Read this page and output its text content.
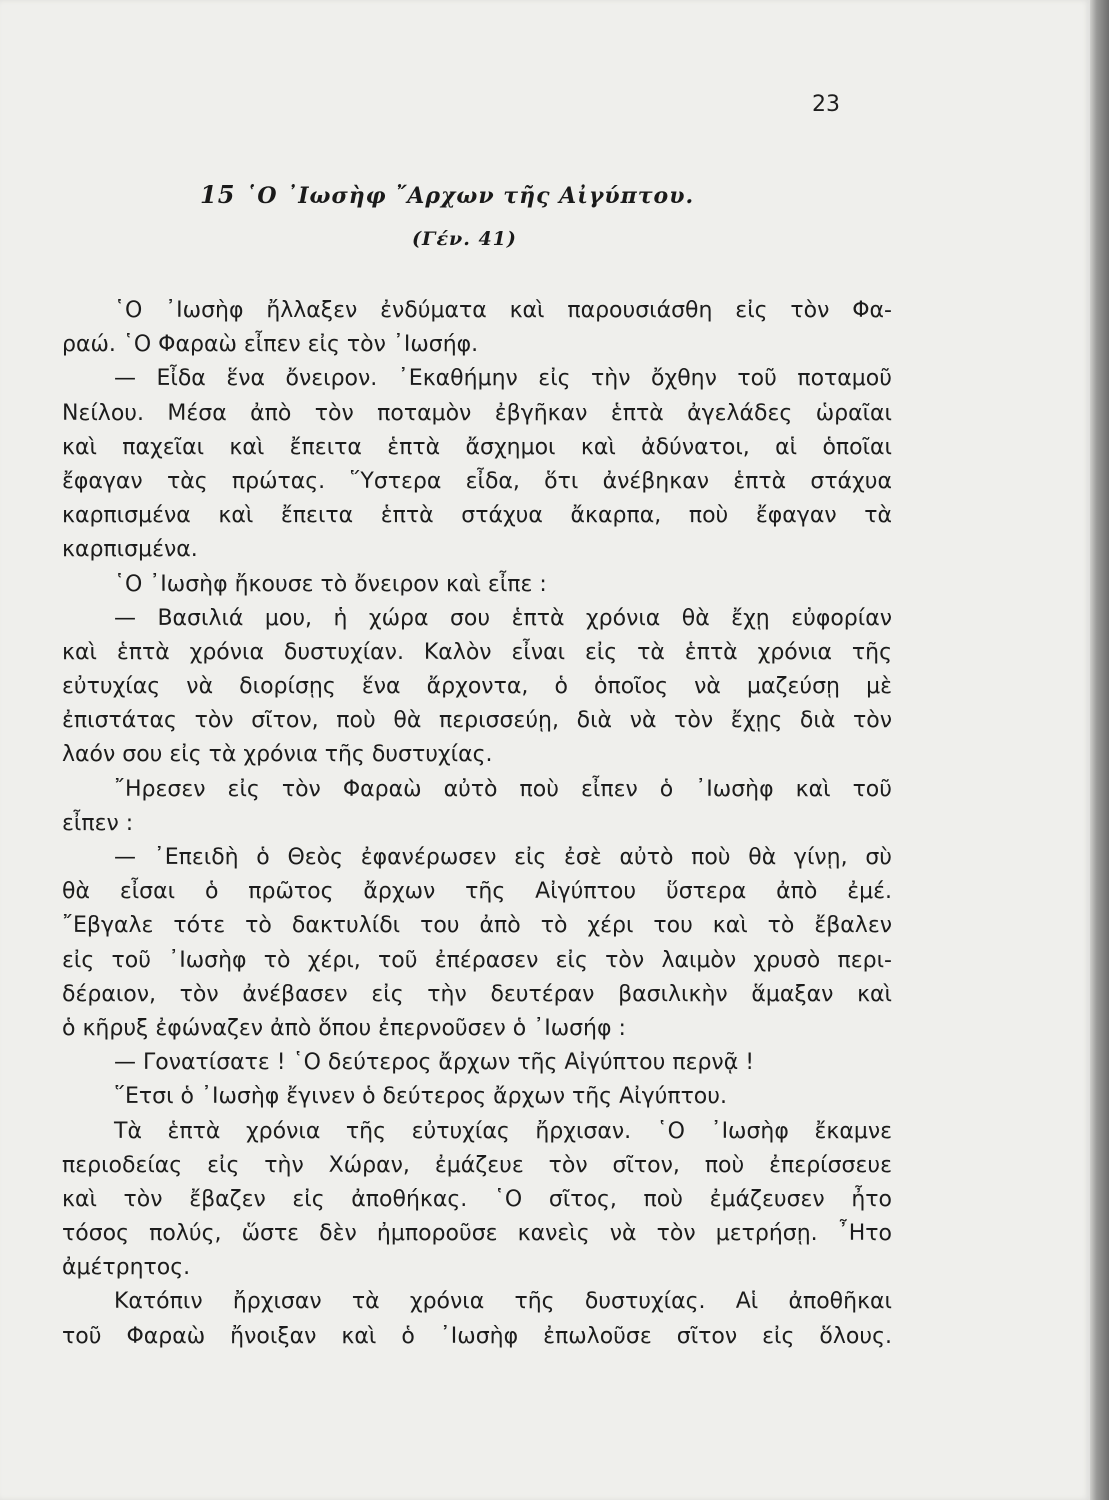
23
15 ῾Ο ᾽Ιωσὴφ ῎Αρχων τῆς Αἰγύπτου.
(Γέν. 41)
῾Ο ᾽Ιωσὴφ ἤλλαξεν ἐνδύματα καὶ παρουσιάσθη εἰς τὸν Φα-
ραώ. ῾Ο Φαραὼ εἶπεν εἰς τὸν ᾽Ιωσήφ.
— Εἶδα ἕνα ὄνειρον. ᾽Εκαθήμην εἰς τὴν ὄχθην τοῦ ποταμοῦ
Νείλου. Μέσα ἀπὸ τὸν ποταμὸν ἐβγῆκαν ἑπτὰ ἀγελάδες ὡραῖαι
καὶ παχεῖαι καὶ ἔπειτα ἑπτὰ ἄσχημοι καὶ ἀδύνατοι, αἱ ὁποῖαι
ἔφαγαν τὰς πρώτας. ῞Υστερα εἶδα, ὅτι ἀνέβηκαν ἑπτὰ στάχυα
καρπισμένα καὶ ἔπειτα ἑπτὰ στάχυα ἄκαρπα, ποὺ ἔφαγαν τὰ
καρπισμένα.
῾Ο ᾽Ιωσὴφ ἤκουσε τὸ ὄνειρον καὶ εἶπε :
— Βασιλιά μου, ἡ χώρα σου ἑπτὰ χρόνια θὰ ἔχῃ εὐφορίαν
καὶ ἑπτὰ χρόνια δυστυχίαν. Καλὸν εἶναι εἰς τὰ ἑπτὰ χρόνια τῆς
εὐτυχίας νὰ διορίσῃς ἕνα ἄρχοντα, ὁ ὁποῖος νὰ μαζεύσῃ μὲ
ἐπιστάτας τὸν σῖτον, ποὺ θὰ περισσεύῃ, διὰ νὰ τὸν ἔχῃς διὰ τὸν
λαόν σου εἰς τὰ χρόνια τῆς δυστυχίας.
῎Ηρεσεν εἰς τὸν Φαραὼ αὐτὸ ποὺ εἶπεν ὁ ᾽Ιωσὴφ καὶ τοῦ
εἶπεν :
— ᾽Επειδὴ ὁ Θεὸς ἐφανέρωσεν εἰς ἐσὲ αὐτὸ ποὺ θὰ γίνῃ, σὺ
θὰ εἶσαι ὁ πρῶτος ἄρχων τῆς Αἰγύπτου ὕστερα ἀπὸ ἐμέ.
῎Εβγαλε τότε τὸ δακτυλίδι του ἀπὸ τὸ χέρι του καὶ τὸ ἔβαλεν
εἰς τοῦ ᾽Ιωσὴφ τὸ χέρι, τοῦ ἐπέρασεν εἰς τὸν λαιμὸν χρυσὸ περι-
δέραιον, τὸν ἀνέβασεν εἰς τὴν δευτέραν βασιλικὴν ἅμαξαν καὶ
ὁ κῆρυξ ἐφώναζεν ἀπὸ ὅπου ἐπερνοῦσεν ὁ ᾽Ιωσήφ :
— Γονατίσατε ! ῾Ο δεύτερος ἄρχων τῆς Αἰγύπτου περνᾷ !
῞Ετσι ὁ ᾽Ιωσὴφ ἔγινεν ὁ δεύτερος ἄρχων τῆς Αἰγύπτου.
Τὰ ἑπτὰ χρόνια τῆς εὐτυχίας ἤρχισαν. ῾Ο ᾽Ιωσὴφ ἔκαμνε
περιοδείας εἰς τὴν Χώραν, ἐμάζευε τὸν σῖτον, ποὺ ἐπερίσσευε
καὶ τὸν ἔβαζεν εἰς ἀποθήκας. ῾Ο σῖτος, ποὺ ἐμάζευσεν ἦτο
τόσος πολύς, ὥστε δὲν ἠμποροῦσε κανεὶς νὰ τὸν μετρήσῃ. ῏Ητο
ἀμέτρητος.
Κατόπιν ἤρχισαν τὰ χρόνια τῆς δυστυχίας. Αἱ ἀποθῆκαι
τοῦ Φαραὼ ἤνοιξαν καὶ ὁ ᾽Ιωσὴφ ἐπωλοῦσε σῖτον εἰς ὅλους.
